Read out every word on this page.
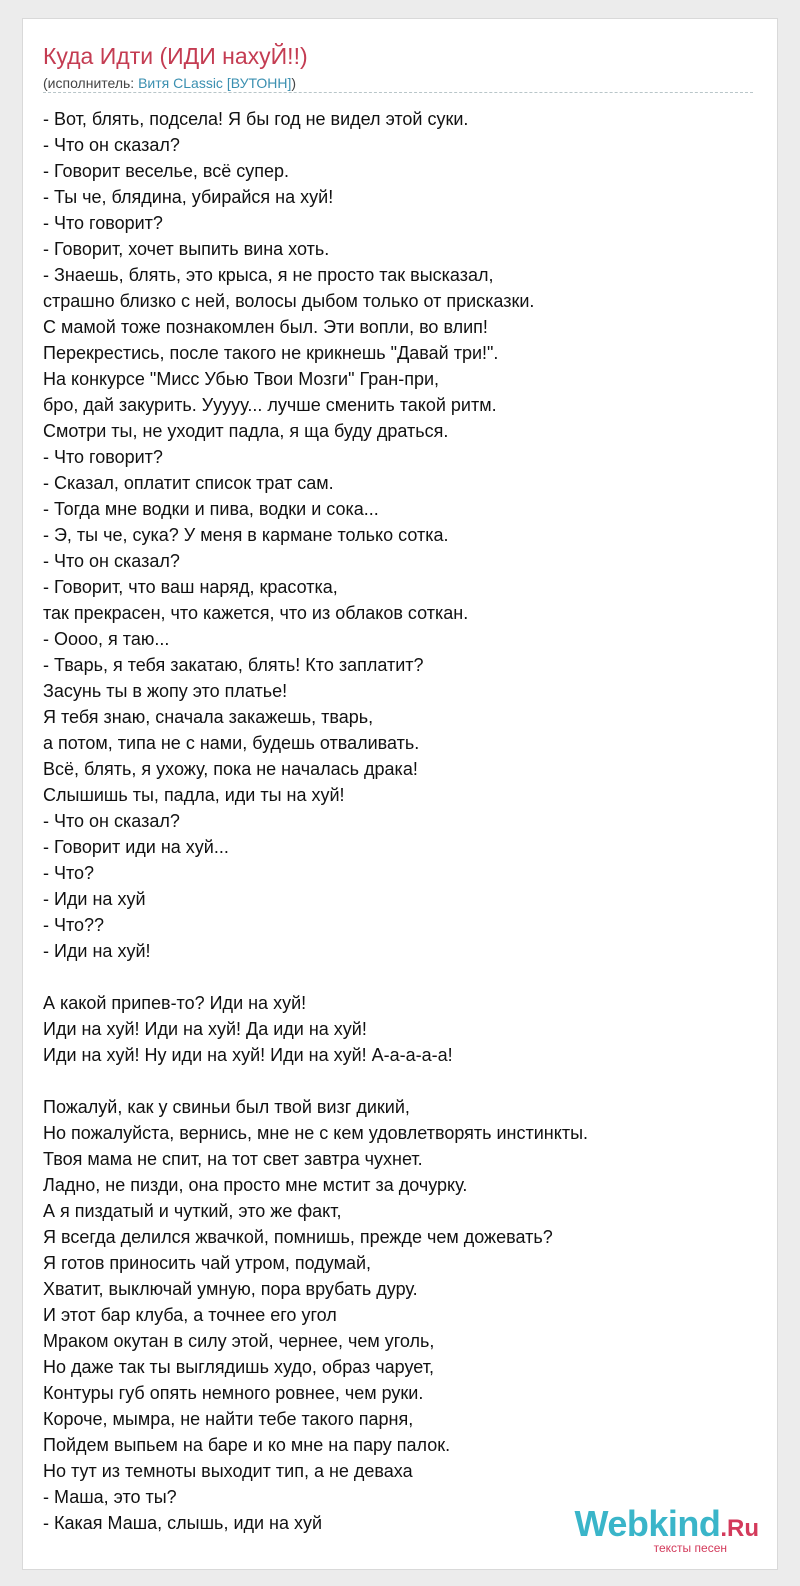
Куда Идти (ИДИ нахуЙ!!)
(исполнитель: Витя CLassic [ВУТОНН])
- Вот, блять, подсела! Я бы год не видел этой суки.
- Что он сказал?
- Говорит веселье, всё супер.
- Ты че, блядина, убирайся на хуй!
- Что говорит?
- Говорит, хочет выпить вина хоть.
- Знаешь, блять, это крыса, я не просто так высказал,
страшно близко с ней, волосы дыбом только от присказки.
С мамой тоже познакомлен был. Эти вопли, во влип!
Перекрестись, после такого не крикнешь "Давай три!".
На конкурсе "Мисс Убью Твои Мозги" Гран-при,
бро, дай закурить. Ууууу... лучше сменить такой ритм.
Смотри ты, не уходит падла, я ща буду драться.
- Что говорит?
- Сказал, оплатит список трат сам.
- Тогда мне водки и пива, водки и сока...
- Э, ты че, сука? У меня в кармане только сотка.
- Что он сказал?
- Говорит, что ваш наряд, красотка,
так прекрасен, что кажется, что из облаков соткан.
- Оооо, я таю...
- Тварь, я тебя закатаю, блять! Кто заплатит?
Засунь ты в жопу это платье!
Я тебя знаю, сначала закажешь, тварь,
а потом, типа не с нами, будешь отваливать.
Всё, блять, я ухожу, пока не началась драка!
Слышишь ты, падла, иди ты на хуй!
- Что он сказал?
- Говорит иди на хуй...
- Что?
- Иди на хуй
- Что??
- Иди на хуй!
А какой припев-то? Иди на хуй!
Иди на хуй! Иди на хуй! Да иди на хуй!
Иди на хуй! Ну иди на хуй! Иди на хуй! А-а-а-а-а!
Пожалуй, как у свиньи был твой визг дикий,
Но пожалуйста, вернись, мне не с кем удовлетворять инстинкты.
Твоя мама не спит, на тот свет завтра чухнет.
Ладно, не пизди, она просто мне мстит за дочурку.
А я пиздатый и чуткий, это же факт,
Я всегда делился жвачкой, помнишь, прежде чем дожевать?
Я готов приносить чай утром, подумай,
Хватит, выключай умную, пора врубать дуру.
И этот бар клуба, а точнее его угол
Мраком окутан в силу этой, чернее, чем уголь,
Но даже так ты выглядишь худо, образ чарует,
Контуры губ опять немного ровнее, чем руки.
Короче, мымра, не найти тебе такого парня,
Пойдем выпьем на баре и ко мне на пару палок.
Но тут из темноты выходит тип, а не деваха
- Маша, это ты?
- Какая Маша, слышь, иди на хуй	Webkind.Ru
тексты песен
